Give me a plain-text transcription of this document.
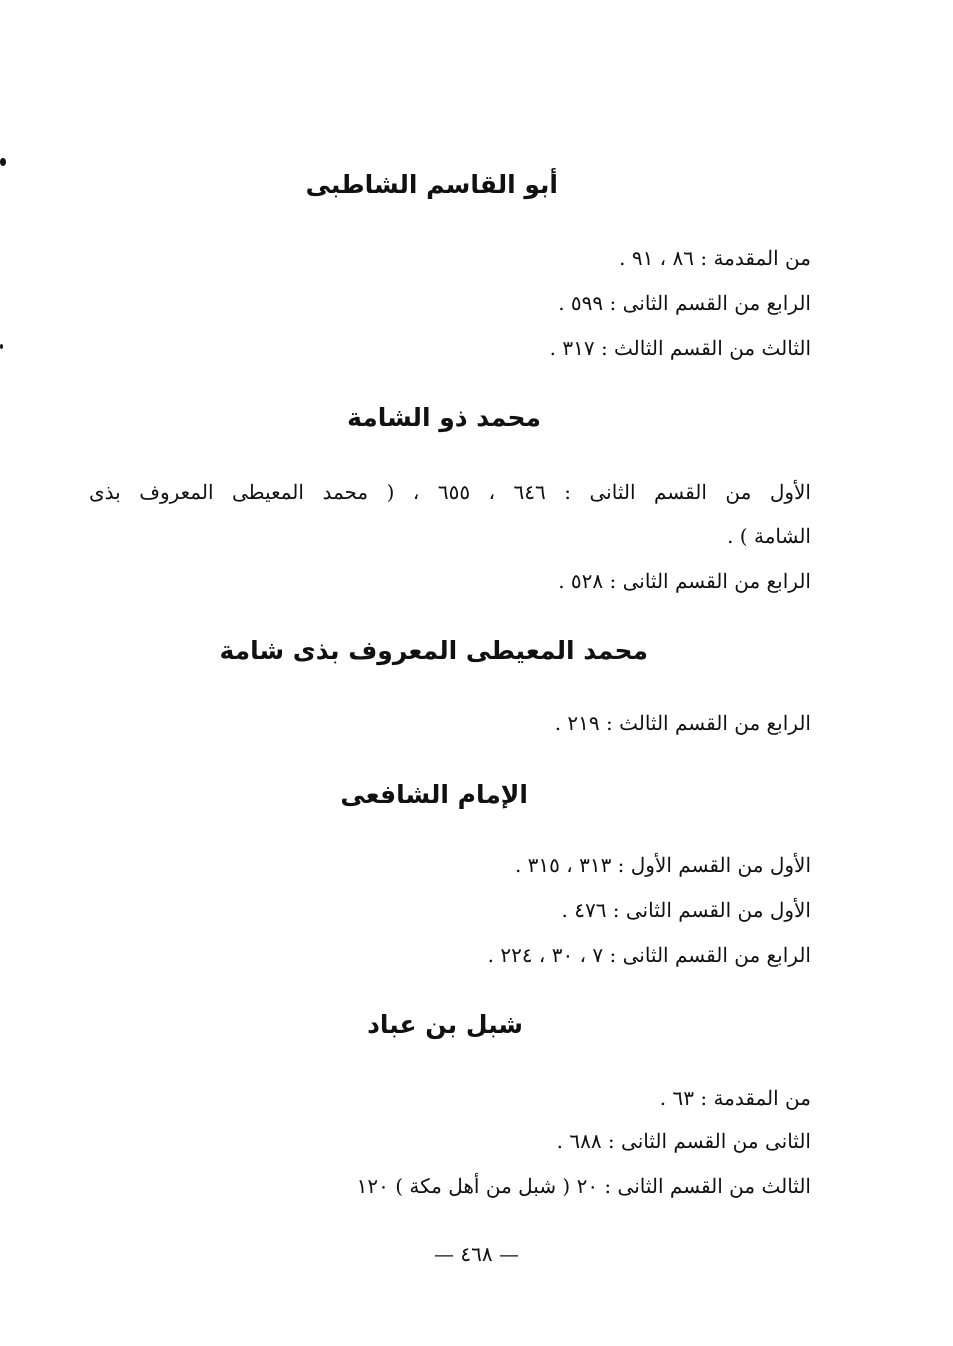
أبو القاسم الشاطبى
من المقدمة : ٨٦ ، ٩١ .
الرابع من القسم الثانى : ٥٩٩ .
الثالث من القسم الثالث : ٣١٧ .
محمد ذو الشامة
الأول من القسم الثانى : ٦٤٦ ، ٦٥٥ ، ( محمد المعيطى المعروف بذى
الشامة ) .
الرابع من القسم الثانى : ٥٢٨ .
محمد المعيطى المعروف بذى شامة
الرابع من القسم الثالث : ٢١٩ .
الإمام الشافعى
الأول من القسم الأول : ٣١٣ ، ٣١٥ .
الأول من القسم الثانى : ٤٧٦ .
الرابع من القسم الثانى : ٧ ، ٣٠ ، ٢٢٤ .
شبل بن عباد
من المقدمة : ٦٣ .
الثانى من القسم الثانى : ٦٨٨ .
الثالث من القسم الثانى : ٢٠ ( شبل من أهل مكة ) ١٢٠
— ٤٦٨ —
